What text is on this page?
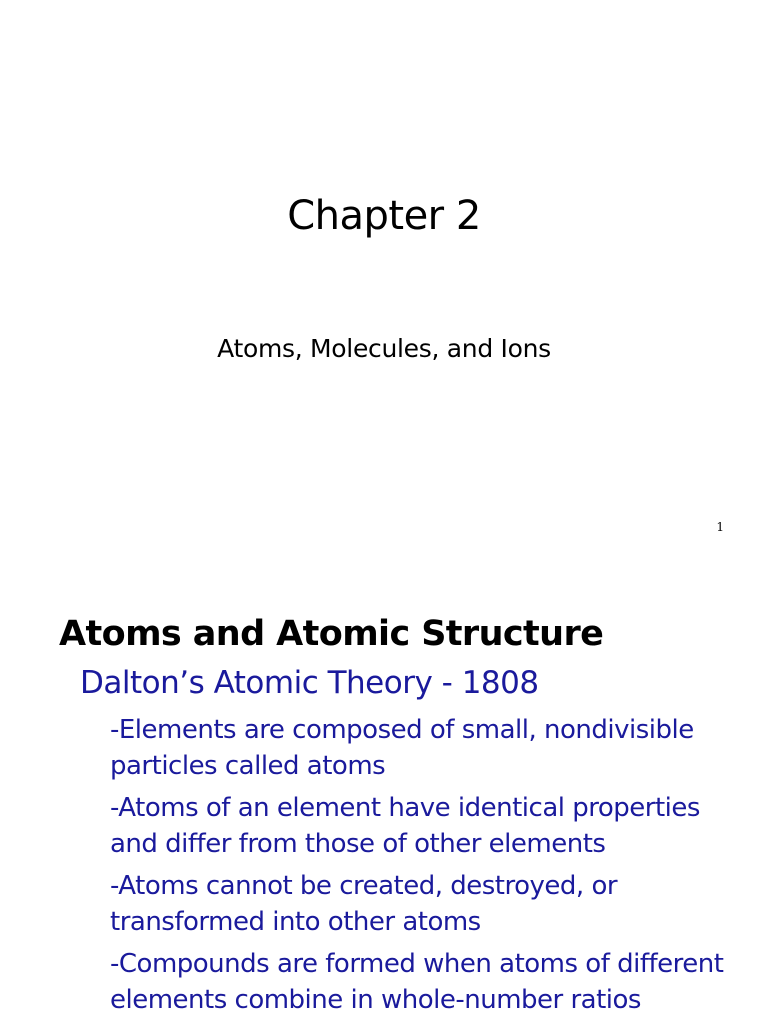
Chapter 2
Atoms, Molecules, and Ions
1
Atoms and Atomic Structure
Dalton’s Atomic Theory - 1808
-Elements are composed of small, nondivisible
particles called atoms
-Atoms of an element have identical properties
and differ from those of other elements
-Atoms cannot be created, destroyed, or
transformed into other atoms
-Compounds are formed when atoms of different
elements combine in whole-number ratios
